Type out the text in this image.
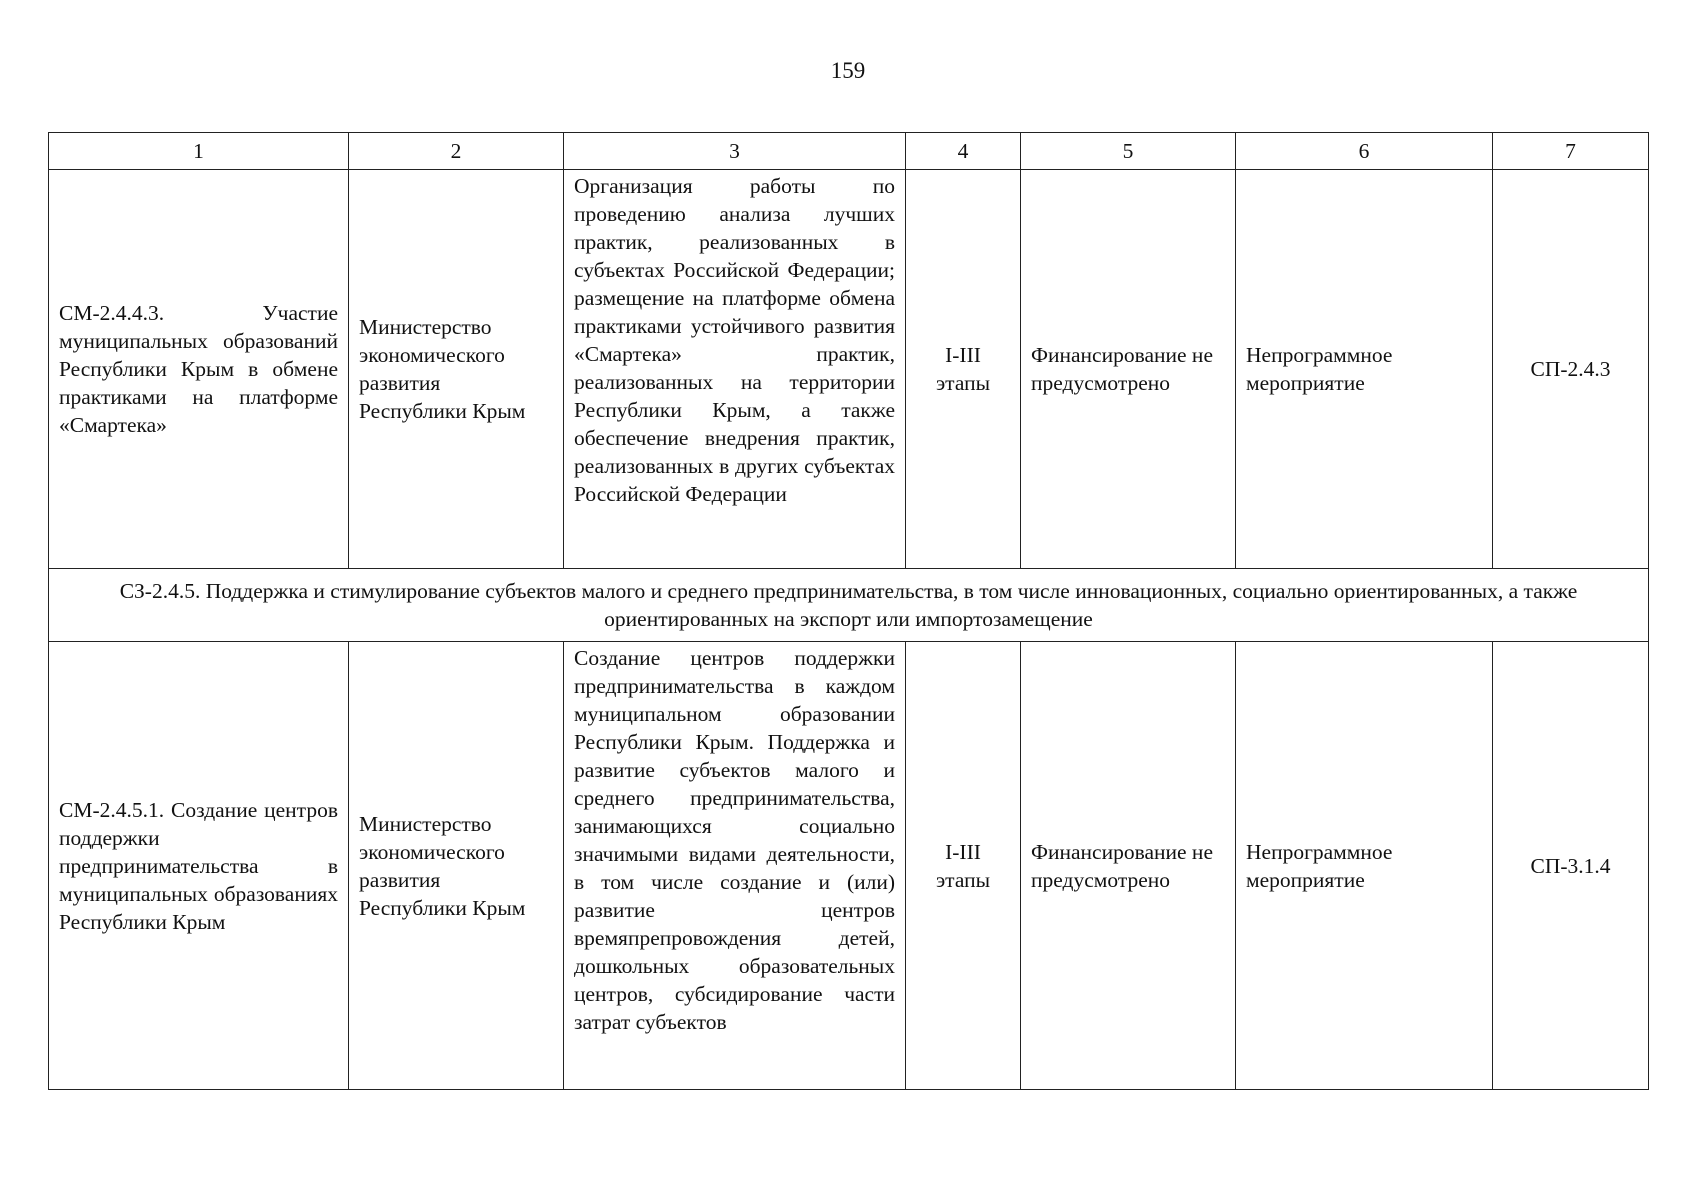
159
1	2	3	4	5	6	7
СМ-2.4.4.3. Участие муниципальных образований Республики Крым в обмене практиками на платформе «Смартека»	Министерство экономического развития Республики Крым	Организация работы по проведению анализа лучших практик, реализованных в субъектах Российской Федерации; размещение на платформе обмена практиками устойчивого развития «Смартека» практик, реализованных на территории Республики Крым, а также обеспечение внедрения практик, реализованных в других субъектах Российской Федерации	I-III этапы	Финансирование не предусмотрено	Непрограммное мероприятие	СП-2.4.3
СЗ-2.4.5. Поддержка и стимулирование субъектов малого и среднего предпринимательства, в том числе инновационных, социально ориентированных, а также ориентированных на экспорт или импортозамещение						
СМ-2.4.5.1. Создание центров поддержки предпринимательства в муниципальных образованиях Республики Крым	Министерство экономического развития Республики Крым	Создание центров поддержки предпринимательства в каждом муниципальном образовании Республики Крым. Поддержка и развитие субъектов малого и среднего предпринимательства, занимающихся социально значимыми видами деятельности, в том числе создание и (или) развитие центров времяпрепровождения детей, дошкольных образовательных центров, субсидирование части затрат субъектов	I-III этапы	Финансирование не предусмотрено	Непрограммное мероприятие	СП-3.1.4
